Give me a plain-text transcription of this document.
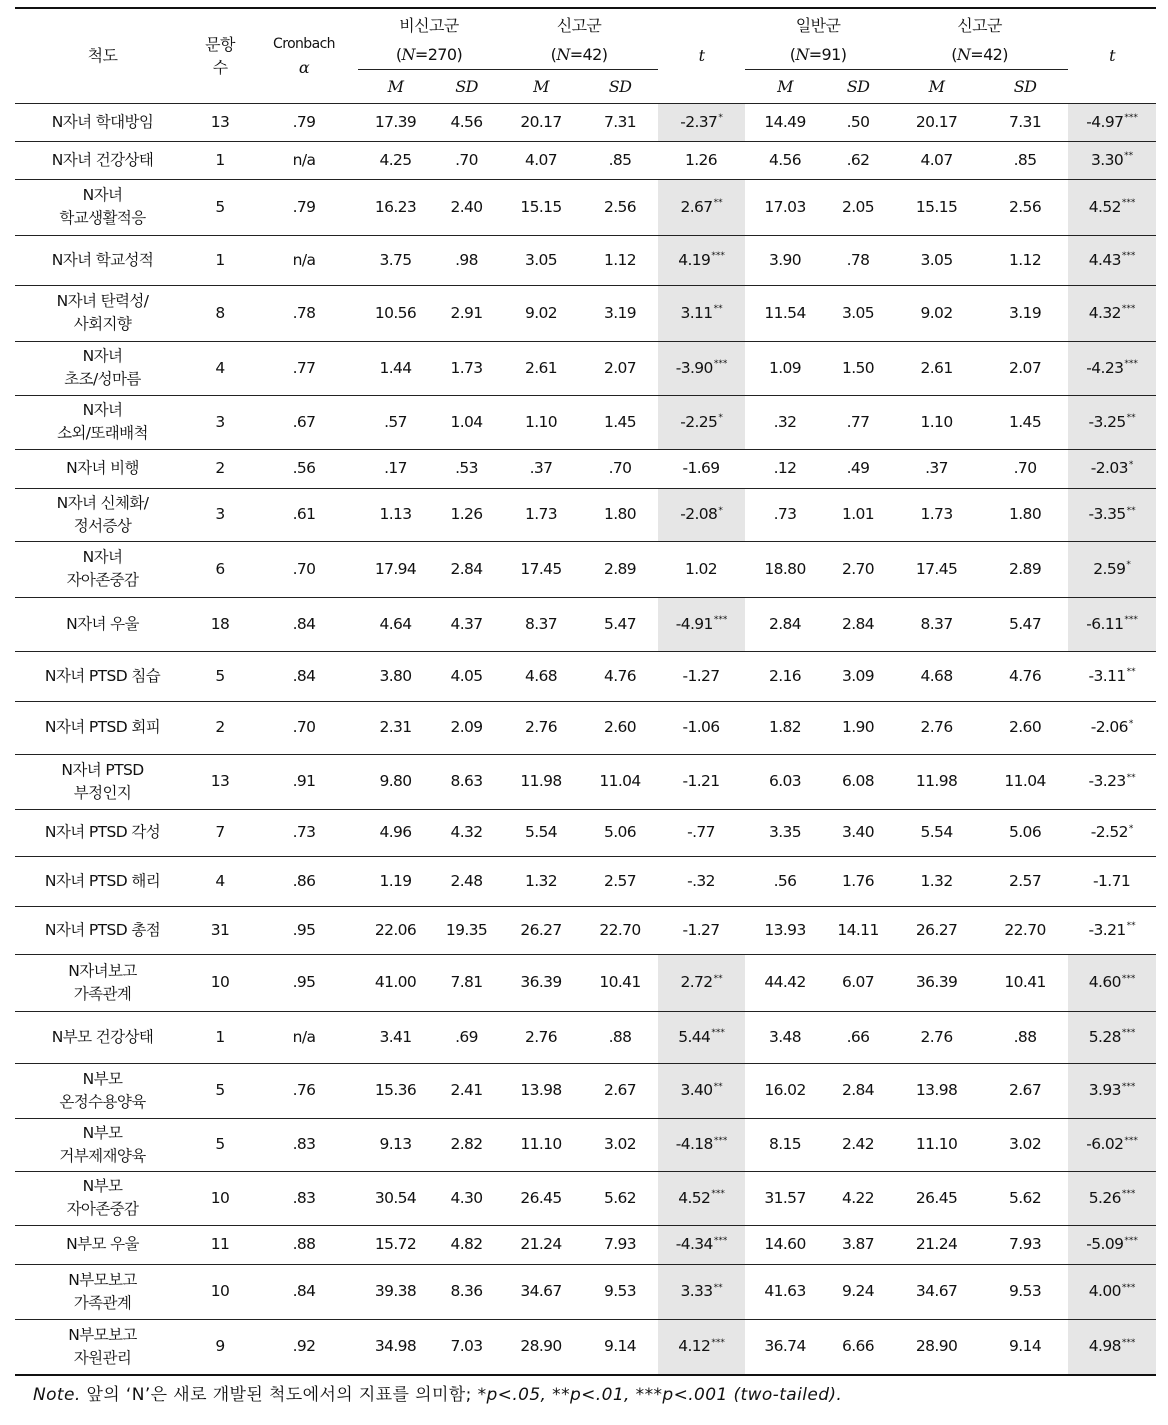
척도	문항
수	Cronbach
α	비신고군		신고군		t	일반군		신고군		t
			(N=270)		(N=42)			(N=91)		(N=42)		
			M	SD	M	SD		M	SD	M	SD	

N자녀 학대방임	13	.79	17.39	4.56	20.17	7.31	-2.37*	14.49	.50	20.17	7.31	-4.97***

N자녀 건강상태	1	n/a	4.25	.70	4.07	.85	1.26	4.56	.62	4.07	.85	3.30**

N자녀
학교생활적응	5	.79	16.23	2.40	15.15	2.56	2.67**	17.03	2.05	15.15	2.56	4.52***

N자녀 학교성적	1	n/a	3.75	.98	3.05	1.12	4.19***	3.90	.78	3.05	1.12	4.43***

N자녀 탄력성/
사회지향	8	.78	10.56	2.91	9.02	3.19	3.11**	11.54	3.05	9.02	3.19	4.32***

N자녀
초조/성마름	4	.77	1.44	1.73	2.61	2.07	-3.90***	1.09	1.50	2.61	2.07	-4.23***

N자녀
소외/또래배척	3	.67	.57	1.04	1.10	1.45	-2.25*	.32	.77	1.10	1.45	-3.25**

N자녀 비행	2	.56	.17	.53	.37	.70	-1.69	.12	.49	.37	.70	-2.03*

N자녀 신체화/
정서증상	3	.61	1.13	1.26	1.73	1.80	-2.08*	.73	1.01	1.73	1.80	-3.35**

N자녀
자아존중감	6	.70	17.94	2.84	17.45	2.89	1.02	18.80	2.70	17.45	2.89	2.59*

N자녀 우울	18	.84	4.64	4.37	8.37	5.47	-4.91***	2.84	2.84	8.37	5.47	-6.11***

N자녀 PTSD 침습	5	.84	3.80	4.05	4.68	4.76	-1.27	2.16	3.09	4.68	4.76	-3.11**

N자녀 PTSD 회피	2	.70	2.31	2.09	2.76	2.60	-1.06	1.82	1.90	2.76	2.60	-2.06*

N자녀 PTSD
부정인지	13	.91	9.80	8.63	11.98	11.04	-1.21	6.03	6.08	11.98	11.04	-3.23**

N자녀 PTSD 각성	7	.73	4.96	4.32	5.54	5.06	-.77	3.35	3.40	5.54	5.06	-2.52*

N자녀 PTSD 해리	4	.86	1.19	2.48	1.32	2.57	-.32	.56	1.76	1.32	2.57	-1.71

N자녀 PTSD 총점	31	.95	22.06	19.35	26.27	22.70	-1.27	13.93	14.11	26.27	22.70	-3.21**

N자녀보고
가족관계	10	.95	41.00	7.81	36.39	10.41	2.72**	44.42	6.07	36.39	10.41	4.60***

N부모 건강상태	1	n/a	3.41	.69	2.76	.88	5.44***	3.48	.66	2.76	.88	5.28***

N부모
온정수용양육	5	.76	15.36	2.41	13.98	2.67	3.40**	16.02	2.84	13.98	2.67	3.93***

N부모
거부제재양육	5	.83	9.13	2.82	11.10	3.02	-4.18***	8.15	2.42	11.10	3.02	-6.02***

N부모
자아존중감	10	.83	30.54	4.30	26.45	5.62	4.52***	31.57	4.22	26.45	5.62	5.26***

N부모 우울	11	.88	15.72	4.82	21.24	7.93	-4.34***	14.60	3.87	21.24	7.93	-5.09***

N부모보고
가족관계	10	.84	39.38	8.36	34.67	9.53	3.33**	41.63	9.24	34.67	9.53	4.00***

N부모보고
자원관리	9	.92	34.98	7.03	28.90	9.14	4.12***	36.74	6.66	28.90	9.14	4.98***
Note. 앞의 ‘N’은 새로 개발된 척도에서의 지표를 의미함; *p<.05, **p<.01, ***p<.001 (two-tailed).
